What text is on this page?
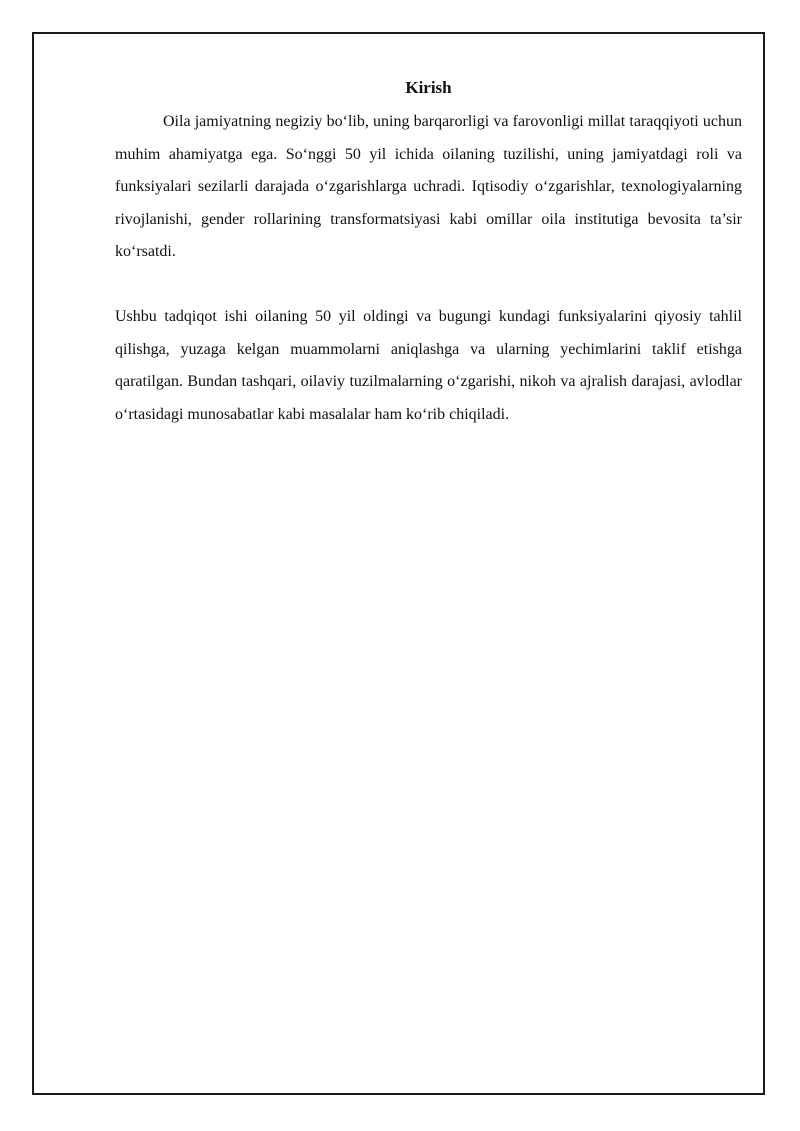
Kirish

Oila jamiyatning negiziy bo‘lib, uning barqarorligi va farovonligi millat taraqqiyoti uchun muhim ahamiyatga ega. So‘nggi 50 yil ichida oilaning tuzilishi, uning jamiyatdagi roli va funksiyalari sezilarli darajada o‘zgarishlarga uchradi. Iqtisodiy o‘zgarishlar, texnologiyalarning rivojlanishi, gender rollarining transformatsiyasi kabi omillar oila institutiga bevosita ta’sir ko‘rsatdi.

Ushbu tadqiqot ishi oilaning 50 yil oldingi va bugungi kundagi funksiyalarini qiyosiy tahlil qilishga, yuzaga kelgan muammolarni aniqlashga va ularning yechimlarini taklif etishga qaratilgan. Bundan tashqari, oilaviy tuzilmalarning o‘zgarishi, nikoh va ajralish darajasi, avlodlar o‘rtasidagi munosabatlar kabi masalalar ham ko‘rib chiqiladi.
